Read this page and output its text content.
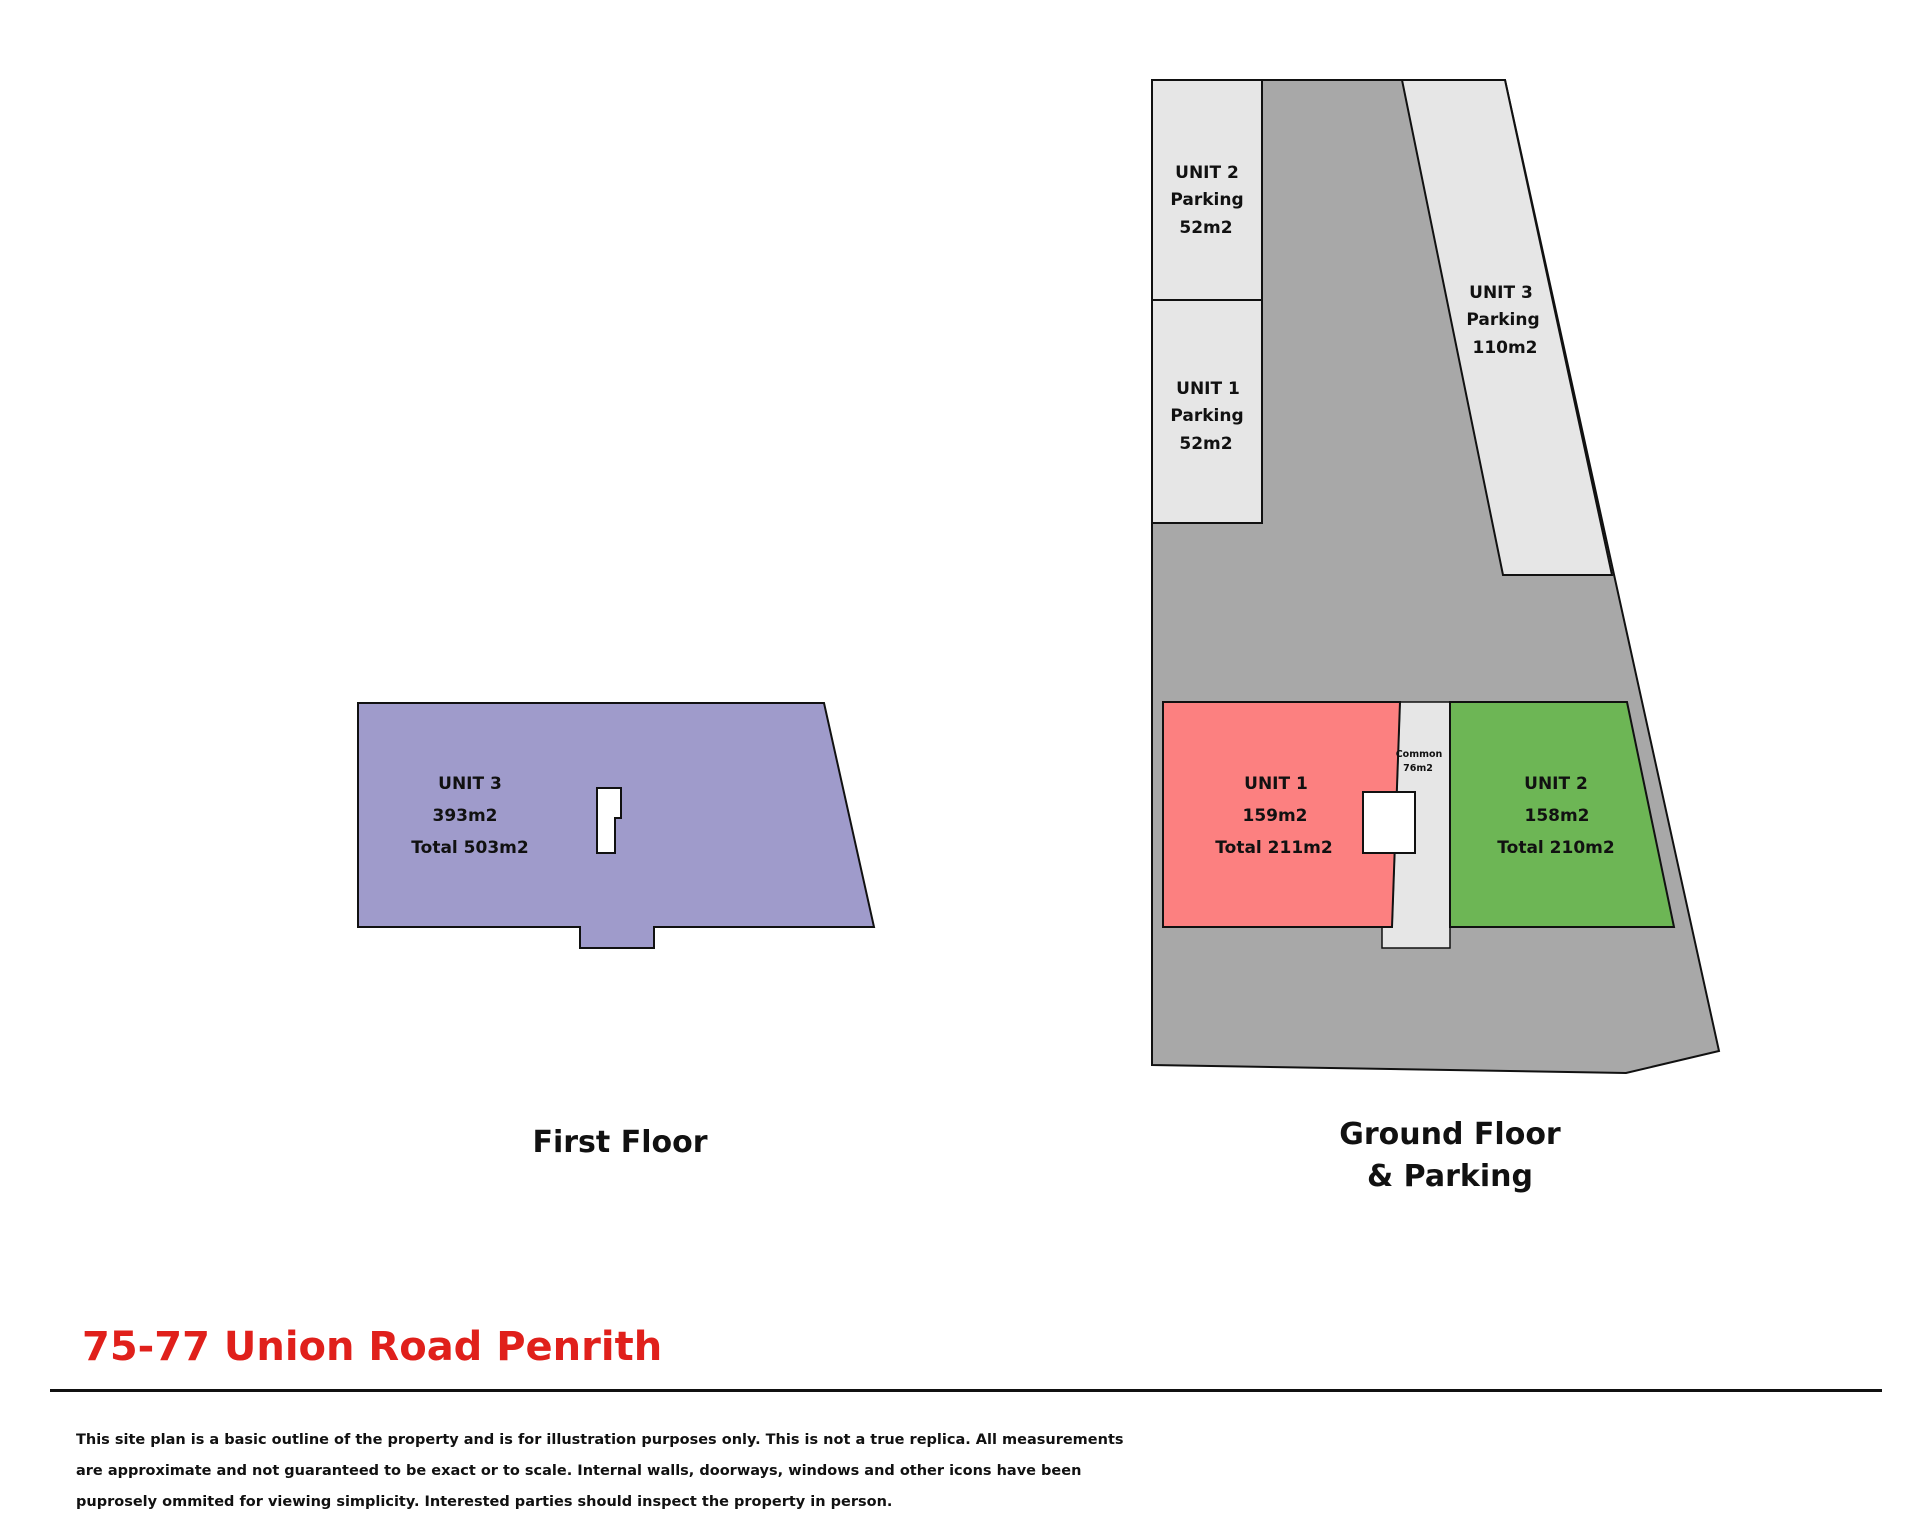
UNIT 3
393m2
Total 503m2
UNIT 2
Parking
52m2
UNIT 1
Parking
52m2
UNIT 3
Parking
110m2
UNIT 1
159m2
Total 211m2
UNIT 2
158m2
Total 210m2
Common
76m2
First Floor	Ground Floor
& Parking
75-77 Union Road Penrith
This site plan is a basic outline of the property and is for illustration purposes only. This is not a true replica. All measurements
are approximate and not guaranteed to be exact or to scale. Internal walls, doorways, windows and other icons have been
puprosely ommited for viewing simplicity. Interested parties should inspect the property in person.
